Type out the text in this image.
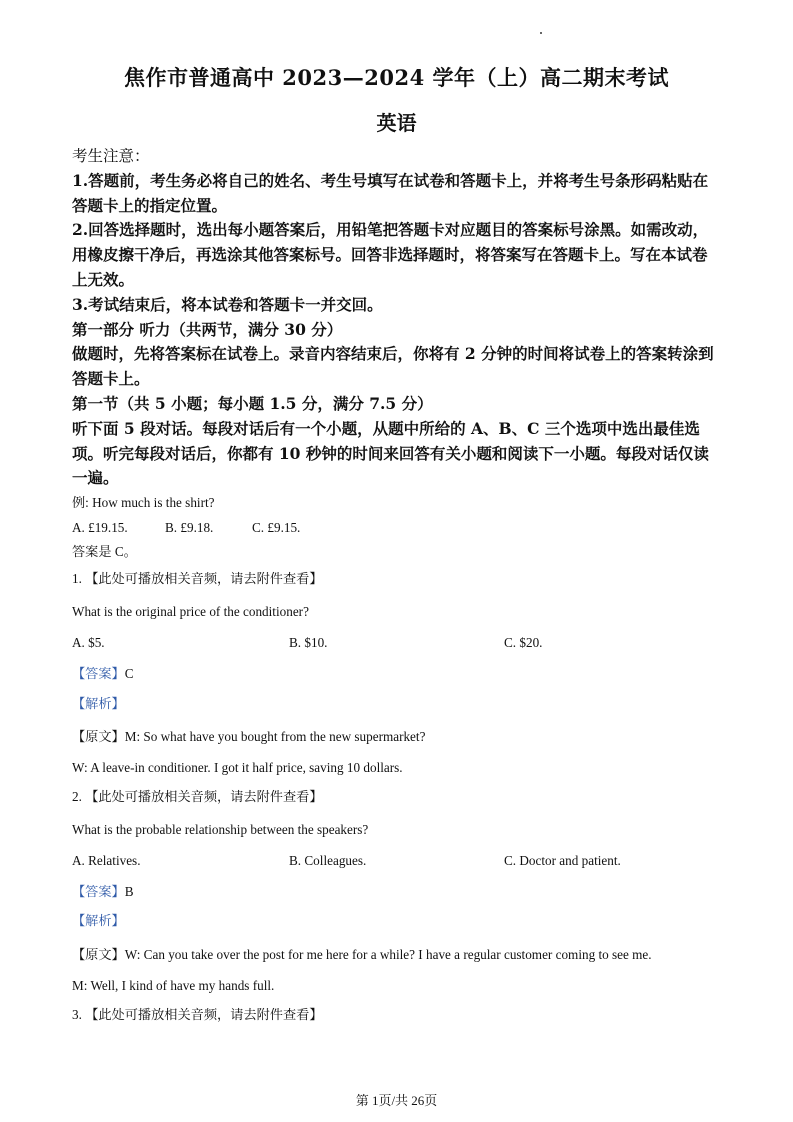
焦作市普通高中 2023—2024 学年（上）高二期末考试
英语

考生注意：

1.答题前，考生务必将自己的姓名、考生号填写在试卷和答题卡上，并将考生号条形码粘贴在答题卡上的指定位置。

2.回答选择题时，选出每小题答案后，用铅笔把答题卡对应题目的答案标号涂黑。如需改动，用橡皮擦干净后，再选涂其他答案标号。回答非选择题时，将答案写在答题卡上。写在本试卷上无效。

3.考试结束后，将本试卷和答题卡一并交回。

第一部分 听力（共两节，满分 30 分）

做题时，先将答案标在试卷上。录音内容结束后，你将有 2 分钟的时间将试卷上的答案转涂到答题卡上。

第一节（共 5 小题；每小题 1.5 分，满分 7.5 分）

听下面 5 段对话。每段对话后有一个小题，从题中所给的 A、B、C 三个选项中选出最佳选项。听完每段对话后，你都有 10 秒钟的时间来回答有关小题和阅读下一小题。每段对话仅读一遍。

例: How much is the shirt?
A. £19.15.	B. £9.18.	C. £9.15.
答案是 C。
1. 【此处可播放相关音频，请去附件查看】
What is the original price of the conditioner?
A. $5.	B. $10.	C. $20.
【答案】C
【解析】
【原文】M: So what have you bought from the new supermarket?
W: A leave-in conditioner. I got it half price, saving 10 dollars.
2. 【此处可播放相关音频，请去附件查看】
What is the probable relationship between the speakers?
A. Relatives.	B. Colleagues.	C. Doctor and patient.
【答案】B
【解析】
【原文】W: Can you take over the post for me here for a while? I have a regular customer coming to see me.
M: Well, I kind of have my hands full.
3. 【此处可播放相关音频，请去附件查看】
第 1页/共 26页
